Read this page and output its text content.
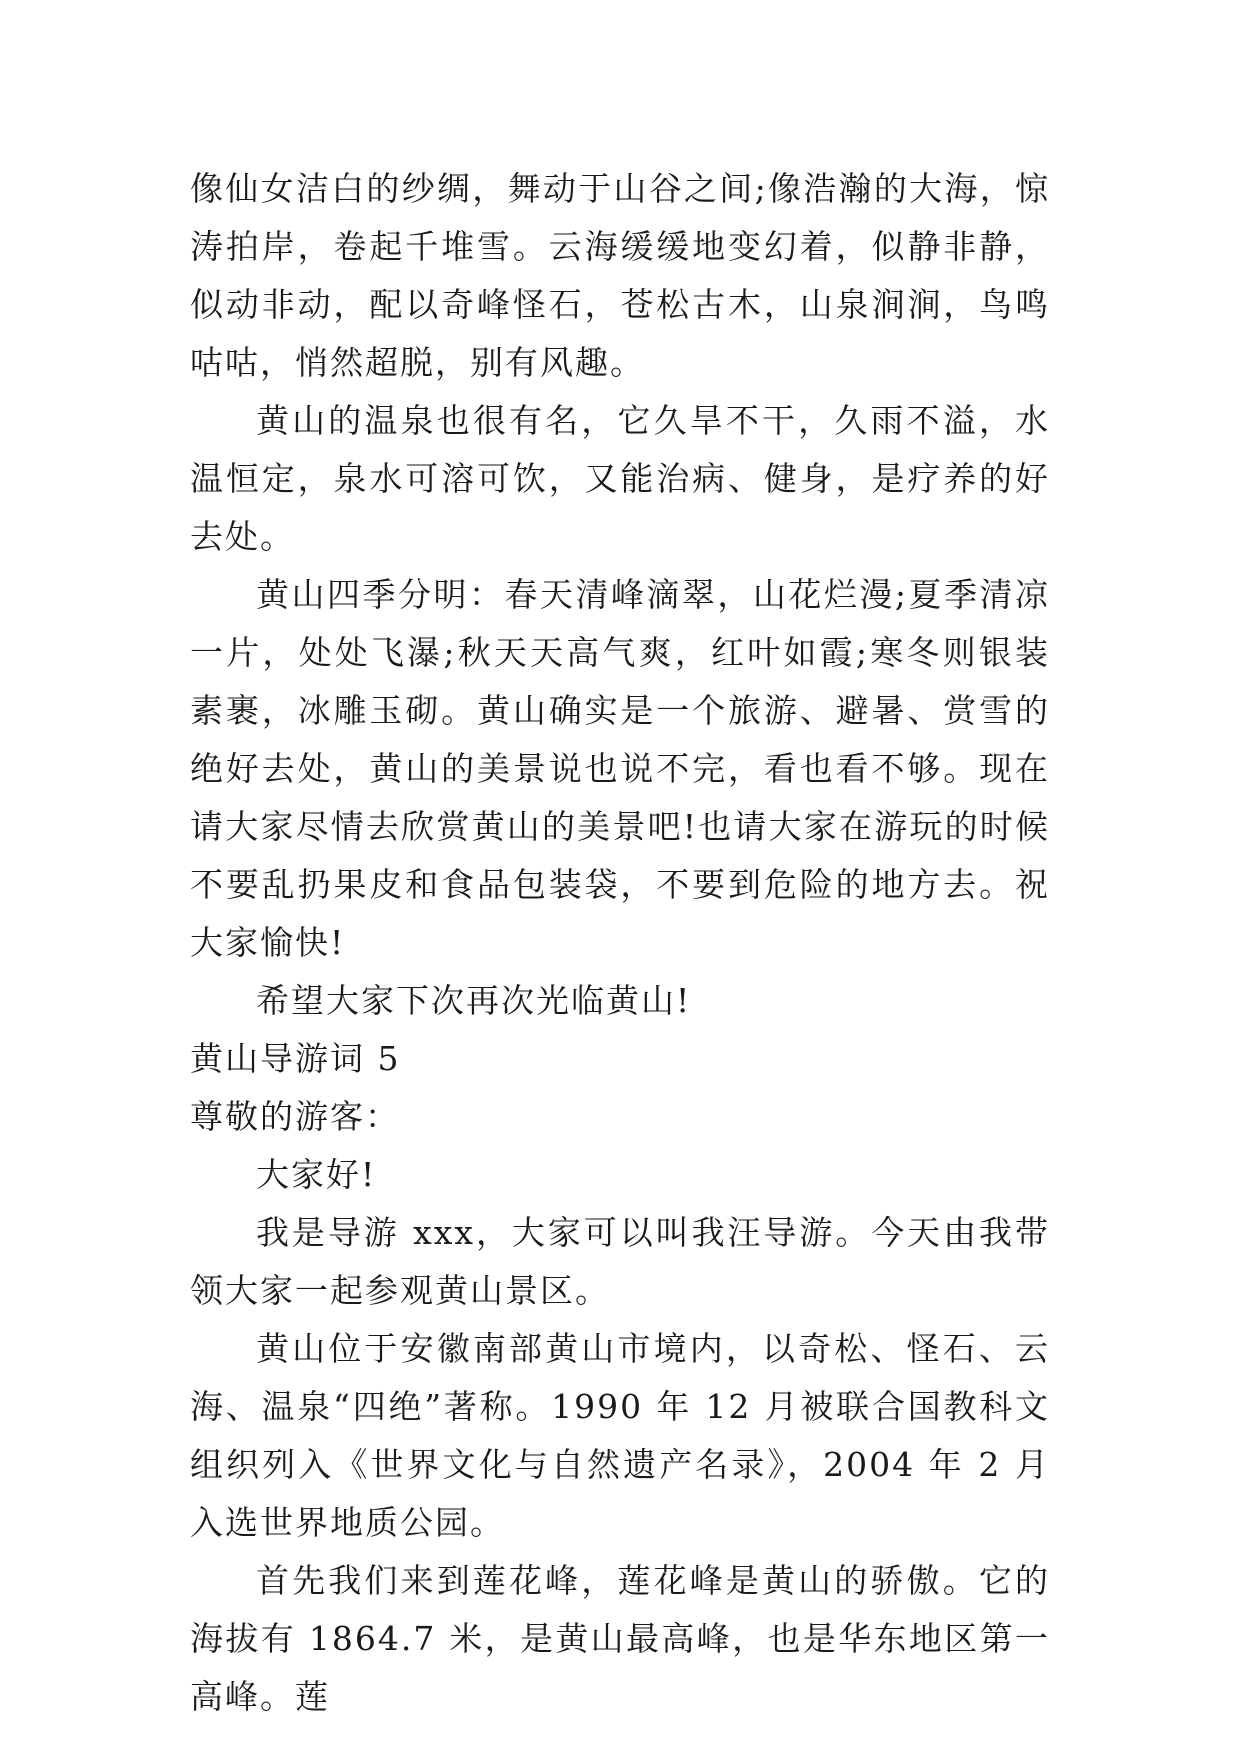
像仙女洁白的纱绸，舞动于山谷之间;像浩瀚的大海，惊涛拍岸，卷起千堆雪。云海缓缓地变幻着，似静非静，似动非动，配以奇峰怪石，苍松古木，山泉涧涧，鸟鸣咕咕，悄然超脱，别有风趣。

黄山的温泉也很有名，它久旱不干，久雨不溢，水温恒定，泉水可溶可饮，又能治病、健身，是疗养的好去处。

黄山四季分明：春天清峰滴翠，山花烂漫;夏季清凉一片，处处飞瀑;秋天天高气爽，红叶如霞;寒冬则银装素裹，冰雕玉砌。黄山确实是一个旅游、避暑、赏雪的绝好去处，黄山的美景说也说不完，看也看不够。现在请大家尽情去欣赏黄山的美景吧!也请大家在游玩的时候不要乱扔果皮和食品包装袋，不要到危险的地方去。祝大家愉快!

希望大家下次再次光临黄山!

黄山导游词 5

尊敬的游客：

大家好!

我是导游 xxx，大家可以叫我汪导游。今天由我带领大家一起参观黄山景区。

黄山位于安徽南部黄山市境内，以奇松、怪石、云海、温泉“四绝”著称。1990 年 12 月被联合国教科文组织列入《世界文化与自然遗产名录》，2004 年 2 月入选世界地质公园。

首先我们来到莲花峰，莲花峰是黄山的骄傲。它的海拔有 1864.7 米，是黄山最高峰，也是华东地区第一高峰。莲
